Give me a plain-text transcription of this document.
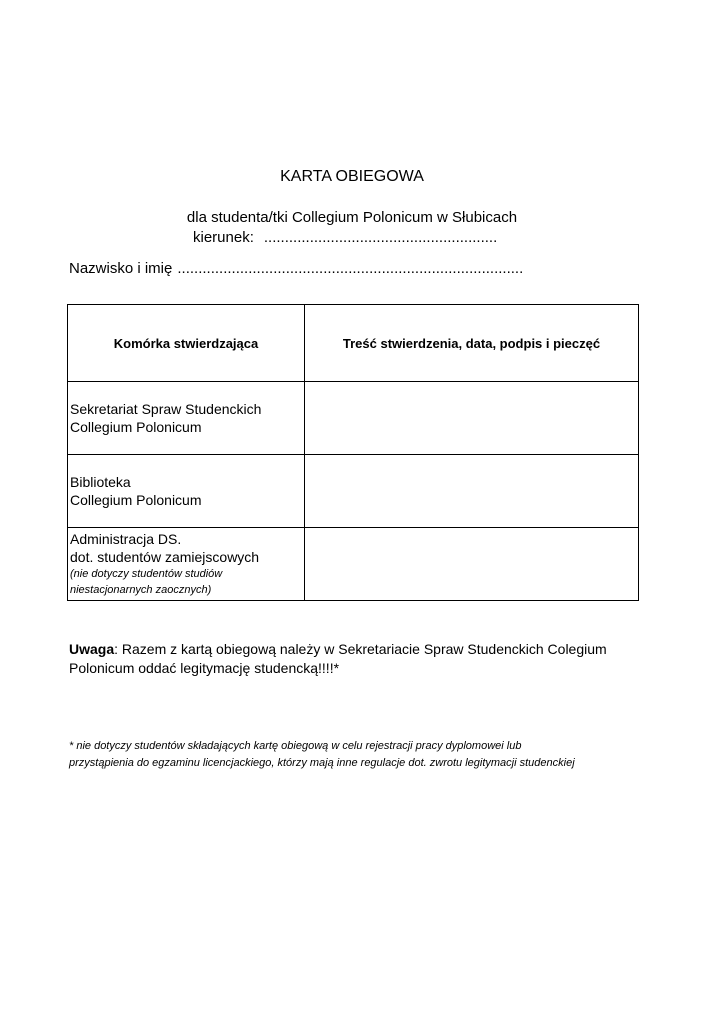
KARTA OBIEGOWA
dla studenta/tki Collegium Polonicum w Słubicach
kierunek: ........................................................
Nazwisko i imię ...................................................................................
Komórka stwierdzająca	Treść stwierdzenia, data, podpis i pieczęć

Sekretariat Spraw Studenckich
Collegium Polonicum	

Biblioteka
Collegium Polonicum	

Administracja DS.
dot. studentów zamiejscowych
(nie dotyczy studentów studiów
niestacjonarnych zaocznych)	

Uwaga: Razem z kartą obiegową należy w Sekretariacie Spraw Studenckich Colegium
Polonicum oddać legitymację studencką!!!!*
* nie dotyczy studentów składających kartę obiegową w celu rejestracji pracy dyplomowei lub
przystąpienia do egzaminu licencjackiego, którzy mają inne regulacje dot. zwrotu legitymacji studenckiej
